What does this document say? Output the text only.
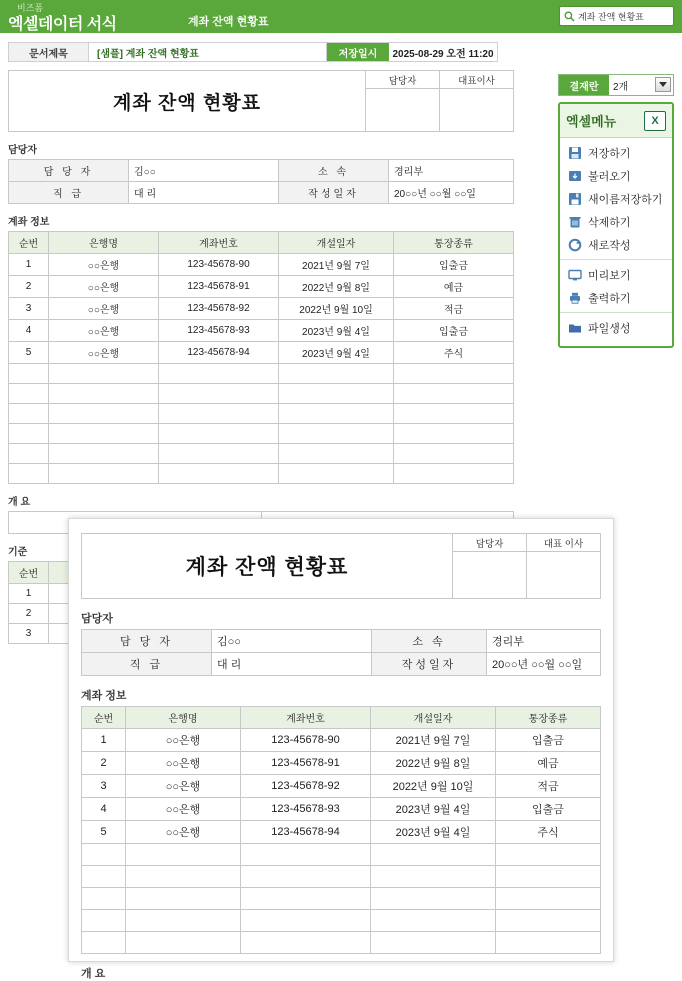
비즈폼
엑셀데이터 서식	계좌 잔액 현황표	계좌 잔액 현황표
문서제목	[샘플] 계좌 잔액 현황표	저장일시	2025-08-29 오전 11:20
결재란	2개
엑셀메뉴	X
저장하기
불러오기
새이름저장하기
삭제하기
새로작성
미리보기
출력하기
파일생성
계좌 잔액 현황표
담당자	대표이사
담당자
담 당 자	김○○	소 속	경리부
직 급	대 리	작성일자	20○○년 ○○월 ○○일
계좌 정보
순번	은행명	계좌번호	개설일자	통장종류
1	○○은행	123-45678-90	2021년 9월 7일	입출금
2	○○은행	123-45678-91	2022년 9월 8일	예금
3	○○은행	123-45678-92	2022년 9월 10일	적금
4	○○은행	123-45678-93	2023년 9월 4일	입출금
5	○○은행	123-45678-94	2023년 9월 4일	주식

개 요

기준
순번	
1	
2	
3	
계좌 잔액 현황표
담당자	대표 이사
담당자
담 당 자	김○○	소 속	경리부
직 급	대 리	작성일자	20○○년 ○○월 ○○일
계좌 정보
순번	은행명	계좌번호	개설일자	통장종류
1	○○은행	123-45678-90	2021년 9월 7일	입출금
2	○○은행	123-45678-91	2022년 9월 8일	예금
3	○○은행	123-45678-92	2022년 9월 10일	적금
4	○○은행	123-45678-93	2023년 9월 4일	입출금
5	○○은행	123-45678-94	2023년 9월 4일	주식

개 요
